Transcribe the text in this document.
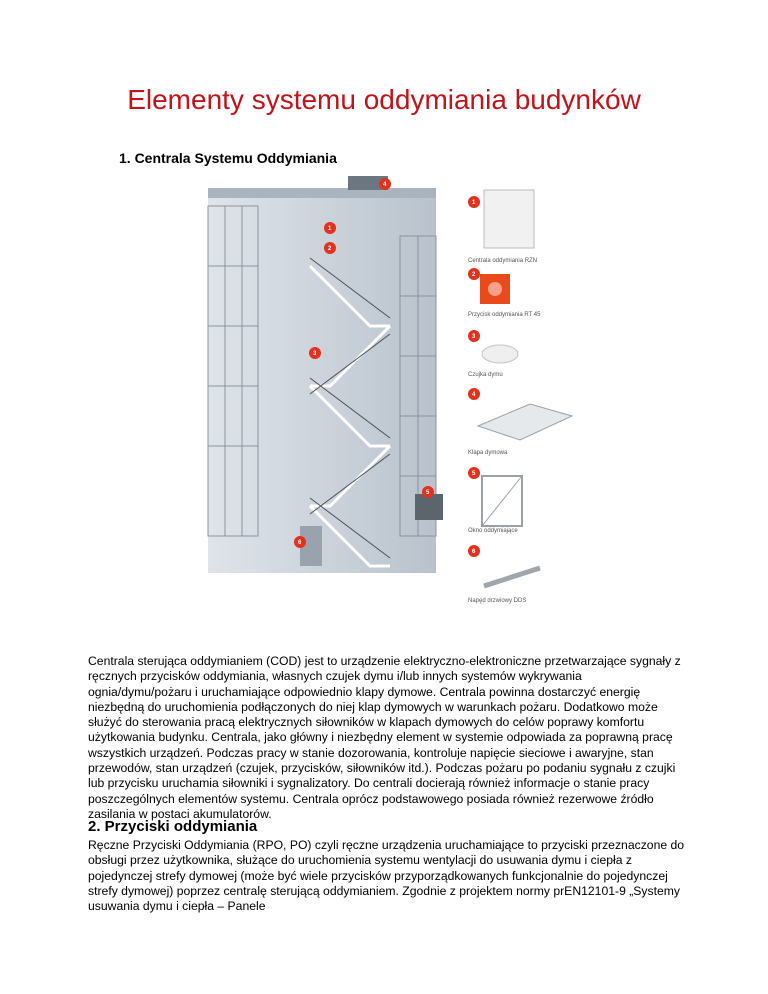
Elementy systemu oddymiania budynków
1. Centrala Systemu Oddymiania
4
1
2
3
5
6
1
Centrala oddymiania RZN
2
Przycisk oddymiania RT 45
3
Czujka dymu
4
Klapa dymowa
5
Okno oddymiające
6
Napęd drzwiowy DDS
Centrala sterująca oddymianiem (COD) jest to urządzenie elektryczno-elektroniczne przetwarzające sygnały z ręcznych przycisków oddymiania, własnych czujek dymu i/lub innych systemów wykrywania ognia/dymu/pożaru i uruchamiające odpowiednio klapy dymowe. Centrala powinna dostarczyć energię niezbędną do uruchomienia podłączonych do niej klap dymowych w warunkach pożaru. Dodatkowo może służyć do sterowania pracą elektrycznych siłowników w klapach dymowych do celów poprawy komfortu użytkowania budynku. Centrala, jako główny i niezbędny element w systemie odpowiada za poprawną pracę wszystkich urządzeń. Podczas pracy w stanie dozorowania, kontroluje napięcie sieciowe i awaryjne, stan przewodów, stan urządzeń (czujek, przycisków, siłowników itd.). Podczas pożaru po podaniu sygnału z czujki lub przycisku uruchamia siłowniki i sygnalizatory. Do centrali docierają również informacje o stanie pracy poszczególnych elementów systemu. Centrala oprócz podstawowego posiada również rezerwowe źródło zasilania w postaci akumulatorów.
2. Przyciski oddymiania
Ręczne Przyciski Oddymiania (RPO, PO) czyli ręczne urządzenia uruchamiające to przyciski przeznaczone do obsługi przez użytkownika, służące do uruchomienia systemu wentylacji do usuwania dymu i ciepła z pojedynczej strefy dymowej (może być wiele przycisków przyporządkowanych funkcjonalnie do pojedynczej strefy dymowej) poprzez centralę sterującą oddymianiem. Zgodnie z projektem normy prEN12101-9 „Systemy usuwania dymu i ciepła – Panele
